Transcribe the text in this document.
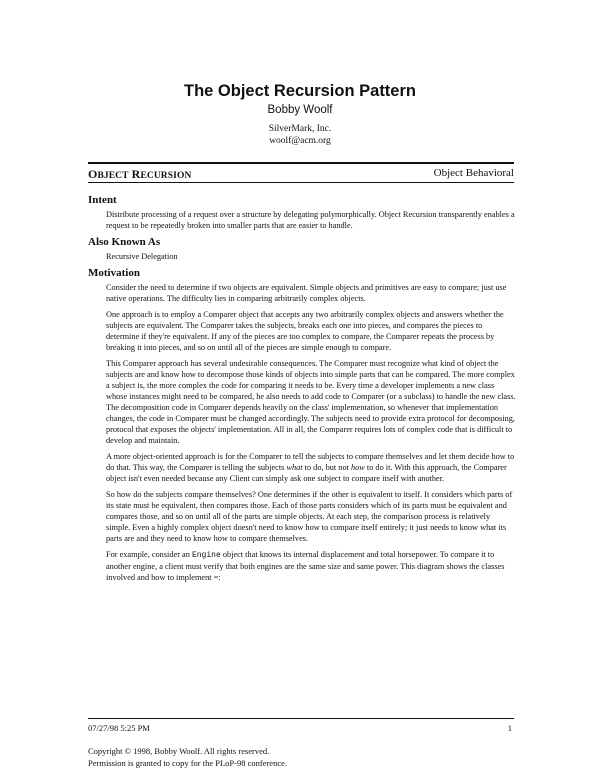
The Object Recursion Pattern
Bobby Woolf
SilverMark, Inc.
woolf@acm.org
OBJECT RECURSION	Object Behavioral
Intent

Distribute processing of a request over a structure by delegating polymorphically. Object Recursion transparently enables a request to be repeatedly broken into smaller parts that are easier to handle.

Also Known As

Recursive Delegation

Motivation

Consider the need to determine if two objects are equivalent. Simple objects and primitives are easy to compare; just use native operations. The difficulty lies in comparing arbitrarily complex objects.

One approach is to employ a Comparer object that accepts any two arbitrarily complex objects and answers whether the subjects are equivalent. The Comparer takes the subjects, breaks each one into pieces, and compares the pieces to determine if they're equivalent. If any of the pieces are too complex to compare, the Comparer repeats the process by breaking it into pieces, and so on until all of the pieces are simple enough to compare.

This Comparer approach has several undesirable consequences. The Comparer must recognize what kind of object the subjects are and know how to decompose those kinds of objects into simple parts that can be compared. The more complex a subject is, the more complex the code for comparing it needs to be. Every time a developer implements a new class whose instances might need to be compared, he also needs to add code to Comparer (or a subclass) to handle the new class. The decomposition code in Comparer depends heavily on the class' implementation, so whenever that implementation changes, the code in Comparer must be changed accordingly. The subjects need to provide extra protocol for decomposing, protocol that exposes the objects' implementation. All in all, the Comparer requires lots of complex code that is difficult to develop and maintain.

A more object-oriented approach is for the Comparer to tell the subjects to compare themselves and let them decide how to do that. This way, the Comparer is telling the subjects what to do, but not how to do it. With this approach, the Comparer object isn't even needed because any Client can simply ask one subject to compare itself with another.

So how do the subjects compare themselves? One determines if the other is equivalent to itself. It considers which parts of its state must be equivalent, then compares those. Each of those parts considers which of its parts must be equivalent and compares those, and so on until all of the parts are simple objects. At each step, the comparison process is relatively simple. Even a highly complex object doesn't need to know how to compare itself entirely; it just needs to know what its parts are and they need to know how to compare themselves.

For example, consider an Engine object that knows its internal displacement and total horsepower. To compare it to another engine, a client must verify that both engines are the same size and same power. This diagram shows the classes involved and how to implement =:

07/27/98 5:25 PM	1
Copyright © 1998, Bobby Woolf. All rights reserved.
Permission is granted to copy for the PLoP-98 conference.
